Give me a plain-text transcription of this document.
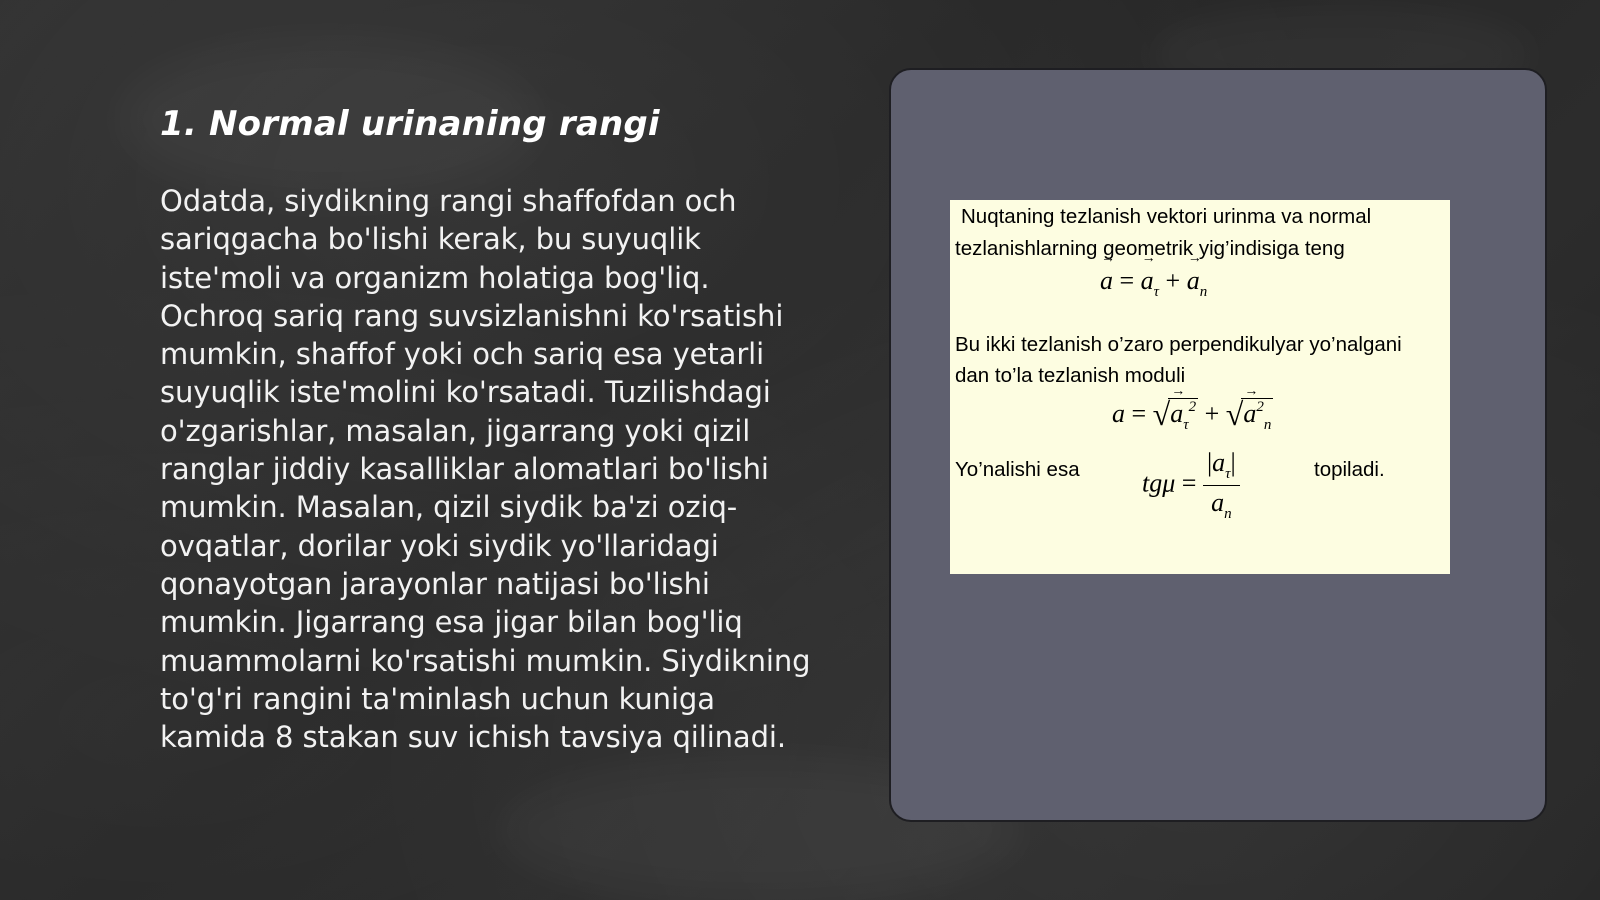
1. Normal urinaning rangi
Odatda, siydikning rangi shaffofdan och
sariqgacha bo'lishi kerak, bu suyuqlik
iste'moli va organizm holatiga bog'liq.
Ochroq sariq rang suvsizlanishni ko'rsatishi
mumkin, shaffof yoki och sariq esa yetarli
suyuqlik iste'molini ko'rsatadi. Tuzilishdagi
o'zgarishlar, masalan, jigarrang yoki qizil
ranglar jiddiy kasalliklar alomatlari bo'lishi
mumkin. Masalan, qizil siydik ba'zi oziq-
ovqatlar, dorilar yoki siydik yo'llaridagi
qonayotgan jarayonlar natijasi bo'lishi
mumkin. Jigarrang esa jigar bilan bog'liq
muammolarni ko'rsatishi mumkin. Siydikning
to'g'ri rangini ta'minlash uchun kuniga
kamida 8 stakan suv ichish tavsiya qilinadi.
Nuqtaning tezlanish vektori urinma va normal
tezlanishlarning geometrik yig’indisiga teng
→ a = → $a_\tau$ + → $a_n$
Bu ikki tezlanish o’zaro perpendikulyar yo’nalgani
dan to’la tezlanish moduli
a = √→ $a_\tau^2$ + √→ $a^2_n$
Yo’nalishi esa $tg\mu = \frac{|a_\tau|}{a_n}$	topiladi.
